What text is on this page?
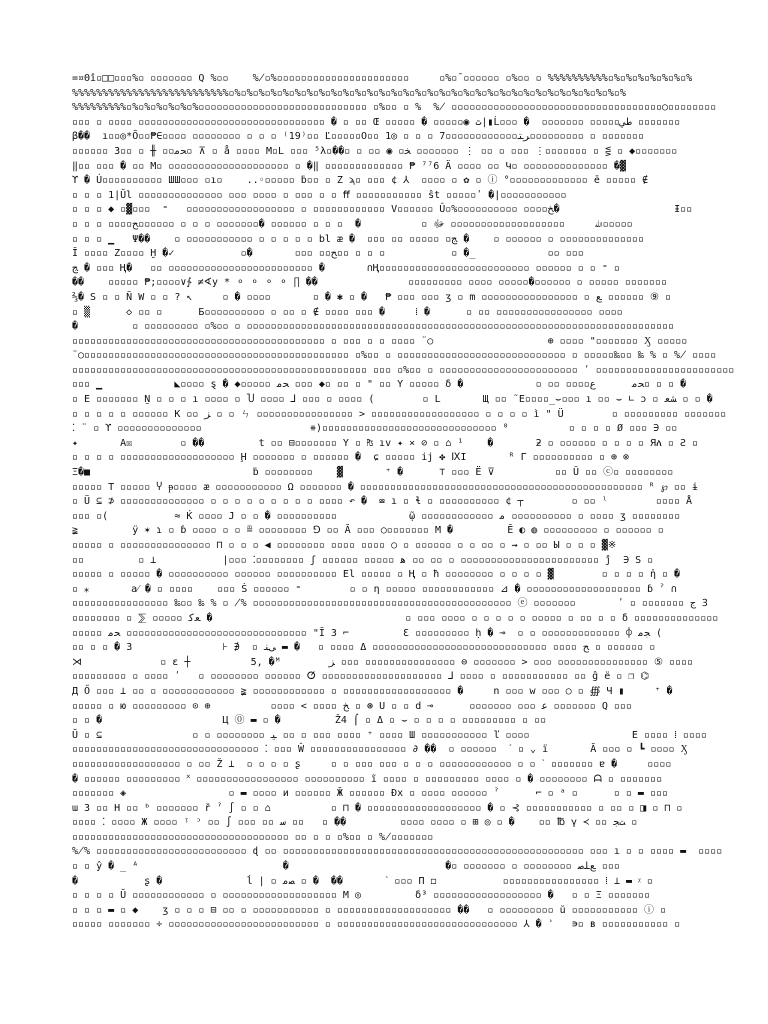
=¤Θî▫□□▫▫▫%▫ ▫▫▫▫▫▫▫ Q %▫▫    %̸▫%▫▫▫▫▫▫▫▫▫▫▫▫▫▫▫▫▫▫▫▫▫▫     ▫%▫¯▫▫▫▫▫▫ ▫%▫▫ ▫ %%%%%%%%%%▫%▫%▫%▫%▫%▫%▫%
%%%%%%%%%%%%%%%%%%%%%%%%%%▫%▫%▫%▫%▫%▫%▫%▫%▫%▫%▫%▫%▫%▫%▫%▫%▫%▫%▫%▫%▫%▫%▫%▫%▫%▫%▫%▫%▫%▫%▫%▫%▫%
%%%%%%%%%▫%▫%▫%▫%▫%▫%▫▫▫▫▫▫▫▫▫▫▫▫▫▫▫▫▫▫▫▫▫▫▫▫▫▫▫▫ ▫%▫▫ ▫ %  %̸ ▫▫▫▫▫▫▫▫▫▫▫▫▫▫▫▫▫▫▫▫▫▫▫▫▫▫▫▫▫▫▫▫▫▫▫○▫▫▫▫▫▫▫▫
▫▫▫ ▫ ▫▫▫▫ ▫▫▫▫▫▫▫▫▫▫▫▫▫▫▫▫▫▫▫▫▫▫▫▫▫▫▫▫▫▫▫ � ▫ ▫▫ Œ ▫▫▫▫▫ � ▫▫▫▫▫◉ ٿ|▮Ĺ▫▫▫ �  ▫▫▫▫▫▫▫ ▫▫▫▫▫ﻃﻲ ▫▫▫▫▫▫▫
β��  ı▫▫◎*Õ▫▫₱∈▫▫▫▫ ▫▫▫▫▫▫▫▫ ▫ ▫ ▫ ⁽19⁾▫▫ Ľ▫▫▫▫▫O▫▫ 1◎ ▫ ▫ ▫ 7▫▫▫▫▫▫▫▫▫▫▫▫ﺮﺘ▫▫▫▫▫▫▫▫▫ ▫ ▫▫▫▫▫▫▫
▫▫▫▫▫▫ 3▫▫ ▫ ╫ ▫▫ﺤﻣ▫ ⊼ ▫ å ▫▫▫▫ M▫L ▫▫▫ ⁵λ▫��▫ ▫ ▫▫ ◉ ▫ﺨ ▫▫▫▫▫▫▫ ⋮ ▫▫ ▫ ▫▫▫ ⋮▫▫▫▫▫▫▫ ▫ ⋚ ▫ ◆▫▫▫▫▫▫▫
‖▫▫ ▫▫▫ � ▫▫ M▫ ▫▫▫▫▫▫▫▫▫▫▫▫▫▫▫▫▫▫▫▫ ▫ �‖ ▫▫▫▫▫▫▫▫▫▫▫▫▫ ₱ ⁷⁷6 Ä ▫▫▫▫ ▫▫ Կ▫ ▫▫▫▫▫▫▫▫▫▫▫▫▫▫ �▓
ϒ � Ú▫▫▫▫▫▫▫▫▫▫ ШШ▫▫▫ ▫ı▫    ..◦▫▫▫▫▫ ḃ▫▫ ▫ Ζ ϡ▫ ▫▫▫ ¢ ⅄  ▫▫▫▫ ▫ ✿ ▫ ⓘ °▫▫▫▫▫▫▫▫▫▫▫▫▫ ē ▫▫▫▫▫ ∉
▫ ▫ ▫ 1|Ŭl ▫▫▫▫▫▫▫▫▫▫▫▫▫▫ ▫▫▫ ▫▫▫▫ ▫ ▫▫▫ ▫ ▫ ﬀ ▫▫▫▫▫▫▫▫▫▫▫ ŝt ▫▫▫▫▫ʹ �|▫▫▫▫▫▫▫▫▫▫▫
▫ ▫ ▫ ◆ ▫▓▫▫▫  ⁼   ▫▫▫▫▫▫▫▫▫▫▫▫▫▫▫▫▫▫ ▫ ▫▫▫▫▫▫▫▫▫▫▫▫ V▫▫▫▫▫▫ Û▫%▫▫▫▫▫▫▫▫▫▫ ▫▫▫▫ﺦ�                   Ɨ▫▫
▫ ▫ ▫ ▫▫▫▫ﷲ     ▫▫▫▫▫▫▫▫▫▫▫▫▫▫▫▫▫▫▫ ﷻ ▫          �  ▫ ▫ ▫ ▫▫▫▫▫▫ �▫▫▫▫▫▫▫ ▫ ▫ ▫ ▫▫▫▫▫▫ﺢ▫▫▫▫▫
▫ ▫ ▫ ▁   Ψ��    ▫ ▫▫▫▫▫▫▫▫▫▫▫ ▫ ▫ ▫ ▫ ▫ bl æ �  ▫▫▫ ▫▫ ▫▫▫▫▫ ▫ﺞ �    ▫ ▫▫▫▫▫▫ ▫ ▫▫▫▫▫▫▫▫▫▫▫▫▫▫
Ī ▫▫▫▫ Ζ▫▫▫▫ Ḫ �✓           ▫�       ▫▫▫ ▫▫ﺢ▫▫ ▫ ▫ ▫           ▫ �_            ▫▫ ▫▫▫
ﺞ � ▫▫▫ Ң�   ▫▫ ▫▫▫▫▫▫▫▫▫▫▫▫▫▫▫▫▫▫▫▫▫▫▫▫ �       ∩Ң▫▫▫▫▫▫▫▫▫▫▫▫▫▫▫▫▫▫▫▫▫▫▫▫▫ ▫▫▫▫▫▫ ▫ ▫ ⁼ ▫
��    ▫▫▫▫▫ ₱;▫▫▫▫∨∱ ≠∢y * ⚬ ⚬ ⚬ ⚬ ∏ ��               ▫▫▫▫▫▫▫▫▫ ▫▫▫▫ ▫▫▫▫▫�▫▫▫▫▫▫ ▫ ▫▫▫▫▫ ▫▫▫▫▫▫▫
⅔� S ▫ ▫ Ñ W ▫ ▫ ? ↖     ▫ � ▫▫▫▫       ▫ � ✱ ▫ �   ₱ ▫▫▫ ▫▫▫ ʒ ▫ m ▫▫▫▫▫▫▫▫▫▫▫▫▫▫▫▫ ▫ ﻊ ▫▫▫▫▫▫ ⑨ ▫
▫ ▒      ◇ ▫▫ ▫      Б▫▫▫▫▫▫▫▫▫▫ ▫ ▫▫ ▫ ∉ ▫▫▫▫ ▫▫▫ �     ⁞ �      ▫ ▫▫ ▫▫▫▫▫▫▫▫▫▫▫▫▫▫▫▫ ▫▫▫▫
�         ▫ ▫▫▫▫▫▫▫▫▫ ▫%▫▫ ▫ ▫▫▫▫▫▫▫▫▫▫▫▫▫▫▫▫▫▫▫▫▫▫▫▫▫▫▫▫▫▫▫▫▫▫▫▫▫▫▫▫▫▫▫▫▫▫▫▫▫▫▫▫▫▫▫▫▫▫▫▫▫▫▫▫▫▫▫▫▫▫▫
▫▫▫▫▫▫▫▫▫▫▫▫▫▫▫▫▫▫▫▫▫▫▫▫▫▫▫▫▫▫▫▫▫▫▫▫▫▫▫▫▫▫ ▫ ▫▫▫ ▫ ▫ ▫▫▫▫ ¨○                   ⊕ ▫▫▫▫ "▫▫▫▫▫▫▫ Ӽ ▫▫▫▫▫
¨○▫▫▫▫▫▫▫▫▫▫▫▫▫▫▫▫▫▫▫▫▫▫▫▫▫▫▫▫▫▫▫▫▫▫▫▫▫▫▫▫▫▫▫▫ ▫%▫▫ ▫ ▫▫▫▫▫▫▫▫▫▫▫▫▫▫▫▫▫▫▫▫▫▫▫▫▫▫▫▫ ▫ ▫▫▫▫▫‰▫▫ ‰ % ▫ %̸ ▫▫▫▫
▫▫▫▫▫▫▫▫▫▫▫▫▫▫▫▫▫▫▫▫▫▫▫▫▫▫▫▫▫▫▫▫▫▫▫▫▫▫▫▫▫▫▫▫▫▫▫▫▫ ▫▫▫ ▫%▫▫ ▫ ▫▫▫▫▫▫▫▫▫▫▫▫▫▫▫▫▫▫▫▫▫▫▫ ʹ ▫▫▫▫▫▫▫▫▫▫▫▫▫▫▫▫▫▫▫▫▫▫▫
▫▫▫ ▁            ◣▫▫▫▫ ȿ � ◆▫▫▫▫▫ ﺤﻣ ▫▫▫ ◆▫ ▫▫ ▫ " ▫▫ Y ▫▫▫▫▫ δ �            ▫ ▫▫ ▫▫▫▫ﺤﻣ      ﻉ▫ ▫ ▫ �
▫ E ▫▫▫▫▫▫▫ Ṉ ▫ ▫ ▫ ı ▫▫▫▫ ▫ Ⴎ ▫▫▫▫ ⅃ ▫▫▫ ▫ ▫▫▫▫ (        ▫ L       Щ ▫▫ ˜E▫▫▫▫_⌣▫▫▫ ı ▫▫ ⌣ ∟ ɔ ▫ ﺸﻌ ▫ ▫ �
▫ ▫ ▫ ▫ ▫ ▫▫▫▫▫▫ K ▫▫ ﺰ ▫ ▫ ㄣ ▫▫▫▫▫▫▫▫▫▫▫▫▫▫▫▫ > ▫▫▫▫▫▫▫▫▫▫▫▫▫▫▫▫▫▫ ▫ ▫ ▫ ▫ ì " Ü        ▫ ▫▫▫▫▫▫▫▫▫ ▫▫▫▫▫▫▫
⁚ ¨ ▫ ϒ ▫▫▫▫▫▫▫▫▫▫▫▫▫▫                  ⧺)▫▫▫▫▫▫▫▫▫▫▫▫▫▫▫▫▫▫▫▫▫▫▫▫▫▫▫▫▫ ⁰          ▫ ▫ ▫ ▫ Ø ▫▫▫ ∋ ▫▫
✦       A☒        ▫ ��         t ▫▫ ⊟▫▫▫▫▫▫▫ Y ▫ ₧ ıv ✦ × ⊘ ▫ ⌂ ¹    �       ƻ ▫ ▫▫▫▫▫▫ ▫ ▫ ▫ ▫ Яለ ▫ Ƨ ▫
▫ ▫ ▫ ▫ ▫▫▫▫▫▫▫▫▫▫▫▫▫▫▫▫▫▫▫ Ḩ ▫▫▫▫▫▫▫ ▫ ▫▫▫▫▫▫ �  ɕ ▫▫▫▫▫ ij ✤ ⅨӀ       ᴿ Γ ▫▫▫▫▫▫▫▫▫▫ ▫ ⊕ ⊗
Ξ�■                           ḃ ▫▫▫▫▫▫▫▫    ▓       ⁺ �      ⊤ ▫▫▫ Ë ⊽          ▫▫ Ū ▫▫ ⓒ▫ ▫▫▫▫▫▫▫▫
▫▫▫▫▫ T ▫▫▫▫▫ Ⴤ ᵽ▫▫▫▫ æ ▫▫▫▫▫▫▫▫▫▫▫ Ω ▫▫▫▫▫▫▫ � ▫▫▫▫▫▫▫▫▫▫▫▫▫▫▫▫▫▫▫▫▫▫▫▫▫▫▫▫▫▫▫▫▫▫▫▫▫▫▫▫▫▫▫▫▫▫▫ ᴿ ℘ ▫▫ ɨ
▫ Ü ⊆ ⊅ ▫▫▫▫▫▫▫▫▫▫▫▫▫▫ ▫ ▫ ▫ ▫ ▫ ▫ ▫ ▫ ▫ ▫▫▫▫ ↶ �  ⳬ ı ▫ ɬ ▫ ▫▫▫▫▫▫▫▫▫▫ ¢ ┬        ▫ ▫▫ ˡ        ▫▫▫▫ Å
▫▫▫ ▫(           ≈ Ќ ▫▫▫▫ J ▫ ▫ � ▫▫▫▫▫▫▫▫▫▫            ῷ ▫▫▫▫▫▫▫▫▫▫▫▫ ﻣ ▫▫▫▫▫▫▫▫▫▫ ▫ ▫▫▫▫ ʒ ▫▫▫▫▫▫▫▫
≩         ÿ ✶ ɿ ▫ ɓ ▫▫▫▫ ▫ ▫ ≞ ▫▫▫▫▫▫▫▫ ⅁ ▫▫ Ă ▫▫▫ ○▫▫▫▫▫▫▫ M �         Ē ◐ ◍ ▫▫▫▫▫▫▫▫▫ ▫ ▫▫▫▫▫▫ ▫
▫▫▫▫▫ ▫ ▫▫▫▫▫▫▫▫▫▫▫▫▫▫▫ ⊓ ▫ ▫ ▫ ◀ ▫▫▫▫▫▫▫▫ ▫▫▫▫ ▫▫▫▫ ○ ▫ ▫▫▫▫▫▫ ▫ ▫ ▫▫ ▫ ⇝ ▫ ▫▫ Ы ▫ ▫ ▫ ▓※
▫▫         ▫ ⊥           |▫▫▫ ⁚▫▫▫▫▫▫▫▫ ʃ ▫▫▫▫▫▫ ▫▫▫▫▫ ﻫ ▫▫ ▫▫ ▫ ▫▫▫▫▫▫▫▫▫▫▫▫▫▫▫▫▫▫▫▫▫▫▫ ĵ  ∋ S ▫
▫▫▫▫▫ ▫ ▫▫▫▫▫ � ▫▫▫▫▫▫▫▫▫▫ ▫▫▫▫▫▫ ▫▫▫▫▫▫▫▫▫▫ El ▫▫▫▫▫ ▫ Ң ▫ ħ ▫▫▫▫▫▫▫▫ ▫ ▫ ▫ ▫ ▓        ▫ ▫ ▫ ▫ ἡ ▫ �
▫ ⁎       a⁄ � ▫ ▫▫▫▫    ▫▫▫ Ṡ ▫▫▫▫▫▫ ⁼        ▫ ▫ ƞ ▫▫▫▫▫ ▫▫▫▫▫▫▫▫▫▫▫▫ ⊿ � ▫▫▫▫▫▫▫▫▫▫▫▫▫▫▫▫▫▫▫ ɓ ˀ ∩
▫▫▫▫▫▫▫▫▫▫▫▫▫▫▫▫ ‰▫▫ ‰ % ▫ %̸ ▫▫▫▫▫▫▫▫▫▫▫▫▫▫▫▫▫▫▫▫▫▫▫▫▫▫▫▫▫▫▫▫▫▫▫▫▫▫▫▫▫▫▫ ⓔ ▫▫▫▫▫▫▫       ʹ ▫ ▫▫▫▫▫▫▫ ﺝ Ꝫ
▫▫▫▫▫▫▫▫ ▫ ⅀ ▫▫▫▫▫ ﻌﻛ �                                ▫ ▫▫▫ ▫▫▫▫ ▫ ▫ ▫ ▫ ▫ ▫▫▫▫▫ ▫ ▫▫ ▫ ▫ δ ▫▫▫▫▫▫▫▫▫▫▫▫▫▫
▫▫▫▫▫ ﺤﻣ ▫▫▫▫▫▫▫▫▫▫▫▫▫▫▫▫▫▫▫▫▫▫▫▫▫▫▫▫▫▫ "Ī 3 ⌐         Ɛ ▫▫▫▫▫▫▫▫▫ ḥ � ⊸  ▫ ▫ ▫▫▫▫▫▫▫▫▫▫▫▫▫ ⌽ ﺠﻣ (
▫▫ ▫ ▫ � ﻰﻨ ▫  ∉ ⊦               3 ▬ �   ▫ ▫▫▫▫ Δ ▫▫▫▫▫▫▫▫▫▫▫▫▫▫▫▫▫▫▫▫▫▫▫▫▫▫▫▫▫ ▫▫▫▫ ﺢ ▫ ▫▫▫▫▫▫ ▫
⋊             ▫ ε ┼          5, �ᴹ        ﺰ ▫▫▫ ▫▫▫▫▫▫▫▫▫▫▫▫▫▫▫ ⊖ ▫▫▫▫▫▫▫ > ▫▫▫ ▫▫▫▫▫▫▫▫▫▫▫▫▫▫▫ ⑤ ▫▫▫▫
▫▫▫▫▫▫▫▫▫ ▫ ▫▫▫▫ ʹ   ▫ ▫▫▫▫▫▫▫▫ ▫▫▫▫▫▫ ⵚ ▫▫▫▫▫▫▫▫▫▫▫▫▫▫▫▫▫▫▫▫ ⅃ ▫▫▫▫ ▫ ▫▫▫▫▫▫▫▫▫▫▫ ▫▫ ĝ ë ▫ ❐ ⌬
Д Ő ▫▫▫ ⊥ ▫▫ ▫ ▫▫▫▫▫▫▫▫▫▫▫▫ ≩ ▫▫▫▫▫▫▫▫▫▫▫▫ ▫ ▫▫▫▫▫▫▫▫▫▫▫▫▫▫▫▫▫▫ �     n ▫▫▫ w ▫▫▫ ○ ▫ ∰ Ч ▮     ⁺ �
▫▫▫▫▫ ▫ ю ▫▫▫▫▫▫▫▫▫ ⊙ ⊕          ▫▫▫▫ < ▫▫▫▫ ﺦ ▫ ⊛ U ▫ ▫ d ⊸      ▫▫▫▫▫▫▫ ▫▫▫ ﻋ ▫▫▫▫▫▫▫ Q ▫▫▫
▫ ▫ �                    Ц ⓪ ▬ ▫ �         Ž4 ⌠ ▫ Δ ▫ ⌣ ▫ ▫ ▫ ▫ ▫▫▫▫▫▫▫▫▫ ▫ ▫▫
Ŭ ▫ ⊆               ▫ ▫ ▫▫▫▫▫▫▫▫ ﯿ ▫▫ ▫ ▫▫▫ ▫▫▫▫ ⁺ ▫▫▫▫ Ш ▫▫▫▫▫▫▫▫▫▫▫ ľ ▫▫▫▫                 E ▫▫▫▫ ⁞ ▫▫▫▫
▫▫▫▫▫▫▫▫▫▫▫▫▫▫▫▫▫▫▫▫▫▫▫▫▫▫▫▫▫▫▫ ⁚ ▫▫▫ Ŵ ▫▫▫▫▫▫▫▫▫▫▫▫▫▫▫▫ ∂ ��  ▫ ▫▫▫▫▫▫  ˊ ▫ ⌄ ï       Ă ▫▫▫ ▫ ┗ ▫▫▫▫ Ӽ
▫▫▫▫▫▫▫▫▫▫▫▫▫▫▫▫▫▫ ▫ ▫▫ Ž ⊥  ▫ ▫ ▫ ▫ ʂ     ▫ ▫ ▫▫▫ ▫▫▫ ▫ ▫ ▫ ▫▫▫▫▫▫▫▫▫▫▫▫ ▫ ▫ ˋ ▫▫▫▫▫▫▫ ɐ �     ▫▫▫▫
� ▫▫▫▫▫▫ ▫▫▫▫▫▫▫▫▫ ˟ ▫▫▫▫▫▫▫▫▫▫▫▫▫▫▫▫▫ ▫▫▫▫▫▫▫▫▫▫ ĩ ▫▫▫▫ ▫ ▫▫▫▫▫▫▫▫▫ ▫▫▫▫ ▫ � ▫▫▫▫▫▫▫▫ ᗩ ▫ ▫▫▫▫▫▫▫
▫▫▫▫▫▫▫ ◈                 ▫ ▬ ▫▫▫▫ и ▫▫▫▫▫▫ Ӂ ▫▫▫▫▫▫ Ðх ▫ ▫▫▫▫ ▫▫▫▫▫▫ ˀ      ⌐ ▫ ᵃ ▫      ▫ ▫ ▬ ▫▫▫
ɯ 3 ▫▫ H ▫▫ ᵇ ▫▫▫▫▫▫▫ ř ˀ ∫ ▫ ▫ ⌂          ▫ ⊓ � ▫▫▫▫▫▫▫▫▫▫▫▫▫▫▫▫▫▫▫ � ▫ ⊰ ▫▫▫▫▫▫▫▫▫▫▫ ▫ ▫▫ ▫ ◨ ▫ ⊓ ▫
▫▫▫▫ ⁚ ▫▫▫▫ Ж ▫▫▫▫ ᵎ ᵓ ▫▫ ∫ ▫▫▫ ▫▫ ﺳ ▫▫   ▫ ��         ▫▫▫▫ ▫▫▫▫ ▫ ⊞ ◎ ▫ �    ▫▫ ℔ γ ≺ ▫▫ ﺖﺠ ▫
▫▫▫▫▫▫▫▫▫▫▫▫▫▫▫▫▫▫▫▫▫▫▫▫▫▫▫▫▫▫▫▫▫▫▫▫ ▫▫ ▫ ▫ ▫%▫▫ ▫ %̸▫▫▫▫▫▫▫
%̸% ▫▫▫▫▫▫▫▫▫▫▫▫▫▫▫▫▫▫▫▫▫▫▫▫▫ ɖ ▫▫ ▫▫▫▫▫▫▫▫▫▫▫▫▫▫▫▫▫▫▫▫▫▫▫▫▫▫▫▫▫▫▫▫▫▫▫▫▫▫▫▫▫▫▫▫▫▫▫▫▫▫ ▫▫▫ ı ▫ ▫ ▫▫▫▫ ▬  ▫▫▫▫
▫ ▫ ŷ � _ ᴬ                        �                          �▫ ▫▫▫▫▫▫▫ ▫ ▫▫▫▫▫▫▫▫ ﻊﻠﺻ ▫▫▫
�           ʂ �              ĺ | ▫ ﺼﻣ ▫ �  ��       ˋ ▫▫▫ П ◻           ▫▫▫▫▫▫▫▫▫▫▫▫▫▫▫▫ ⁞ ⊥ ▬ ᵡ ▫
▫ ▫ ▫ ▫ Ŭ ▫▫▫▫▫▫▫▫▫▫▫▫ ▫ ▫▫▫▫▫▫▫▫▫▫▫▫▫▫▫▫▫▫▫ M ◎         δ³ ▫▫▫▫▫▫▫▫▫▫▫▫▫▫▫▫▫▫ �   ▫ ▫ Ξ ▫▫▫▫▫▫▫
▫ ▫ ▫ ▬ ▫ ◆    ʒ ▫ ▫ ▫ ⊟ ▫▫ ▫ ▫▫▫▫▫▫▫▫▫▫▫ ▫ ▫▫▫▫▫▫▫▫▫▫▫▫▫▫▫▫▫▫▫ ��   ▫ ▫▫▫▫▫▫▫▫▫ ŭ ▫▫▫▫▫▫▫▫▫▫▫ ⓘ ▫
▫▫▫▫▫ ▫▫▫▫▫▫▫ ÷ ▫▫▫▫▫▫▫▫▫▫▫▫▫▫▫▫▫▫▫▫▫▫▫▫▫ ▫ ▫▫▫▫▫▫▫▫▫▫▫▫▫▫▫▫▫▫▫▫▫▫▫▫▫▫▫▫▫▫ ⅄ � ʾ   ∍▫ ʙ ▫▫▫▫▫▫▫▫▫▫▫ ▫
